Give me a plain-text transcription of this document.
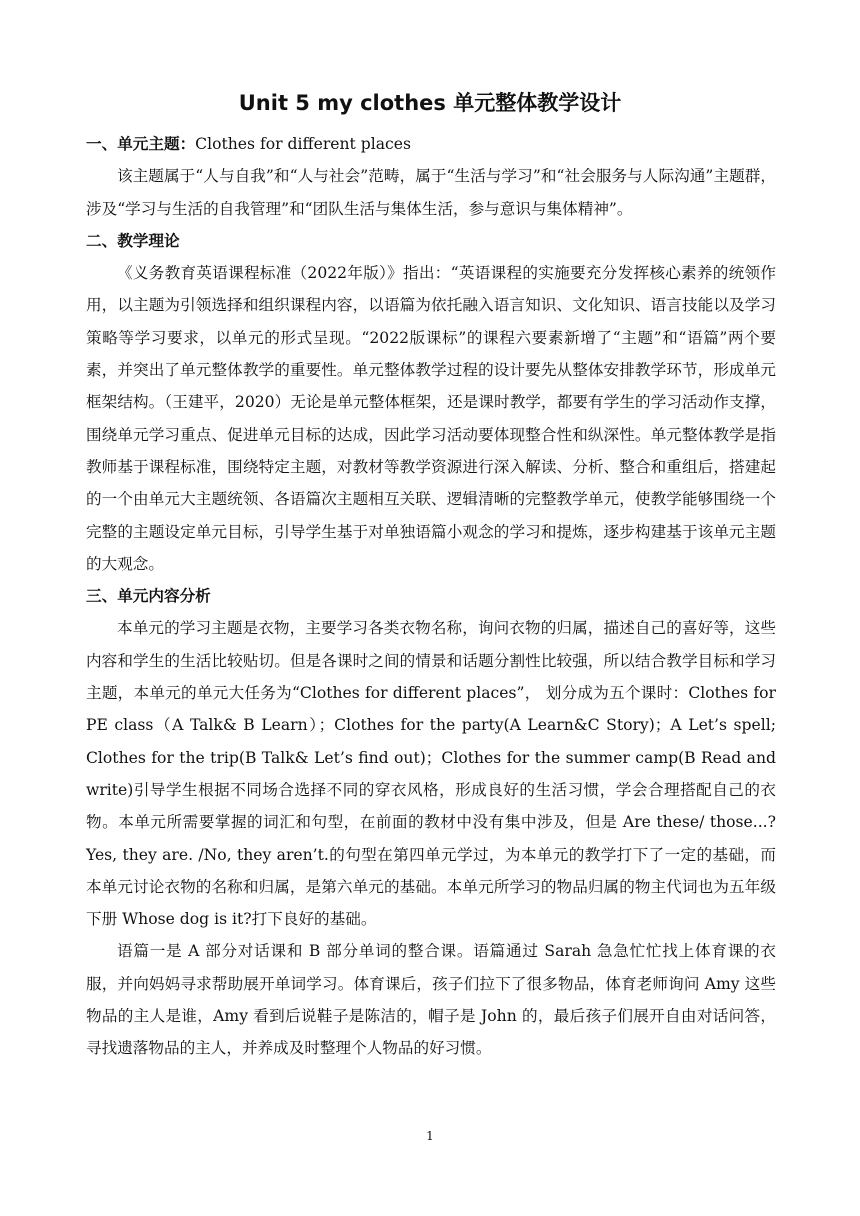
Unit 5 my clothes 单元整体教学设计

一、单元主题：Clothes for different places

该主题属于“人与自我”和“人与社会”范畴，属于“生活与学习”和“社会服务与人际沟通”主题群，涉及“学习与生活的自我管理”和“团队生活与集体生活，参与意识与集体精神”。

二、教学理论

《义务教育英语课程标准（2022年版）》指出：“英语课程的实施要充分发挥核心素养的统领作用，以主题为引领选择和组织课程内容，以语篇为依托融入语言知识、文化知识、语言技能以及学习策略等学习要求，以单元的形式呈现。“2022版课标”的课程六要素新增了“主题”和“语篇”两个要素，并突出了单元整体教学的重要性。单元整体教学过程的设计要先从整体安排教学环节，形成单元框架结构。（王建平，2020）无论是单元整体框架，还是课时教学，都要有学生的学习活动作支撑，围绕单元学习重点、促进单元目标的达成，因此学习活动要体现整合性和纵深性。单元整体教学是指教师基于课程标准，围绕特定主题，对教材等教学资源进行深入解读、分析、整合和重组后，搭建起的一个由单元大主题统领、各语篇次主题相互关联、逻辑清晰的完整教学单元，使教学能够围绕一个完整的主题设定单元目标，引导学生基于对单独语篇小观念的学习和提炼，逐步构建基于该单元主题的大观念。

三、单元内容分析

本单元的学习主题是衣物，主要学习各类衣物名称，询问衣物的归属，描述自己的喜好等，这些内容和学生的生活比较贴切。但是各课时之间的情景和话题分割性比较强，所以结合教学目标和学习主题，本单元的单元大任务为“Clothes for different places”， 划分成为五个课时：Clothes for PE class（A Talk& B Learn）；Clothes for the party(A Learn&C Story)；A Let’s spell; Clothes for the trip(B Talk& Let’s find out)；Clothes for the summer camp(B Read and write)引导学生根据不同场合选择不同的穿衣风格，形成良好的生活习惯，学会合理搭配自己的衣物。本单元所需要掌握的词汇和句型，在前面的教材中没有集中涉及，但是 Are these/ those...? Yes, they are. /No, they aren’t.的句型在第四单元学过，为本单元的教学打下了一定的基础，而本单元讨论衣物的名称和归属，是第六单元的基础。本单元所学习的物品归属的物主代词也为五年级下册 Whose dog is it?打下良好的基础。

语篇一是 A 部分对话课和 B 部分单词的整合课。语篇通过 Sarah 急急忙忙找上体育课的衣服，并向妈妈寻求帮助展开单词学习。体育课后，孩子们拉下了很多物品，体育老师询问 Amy 这些物品的主人是谁，Amy 看到后说鞋子是陈洁的，帽子是 John 的，最后孩子们展开自由对话问答，寻找遗落物品的主人，并养成及时整理个人物品的好习惯。

1
